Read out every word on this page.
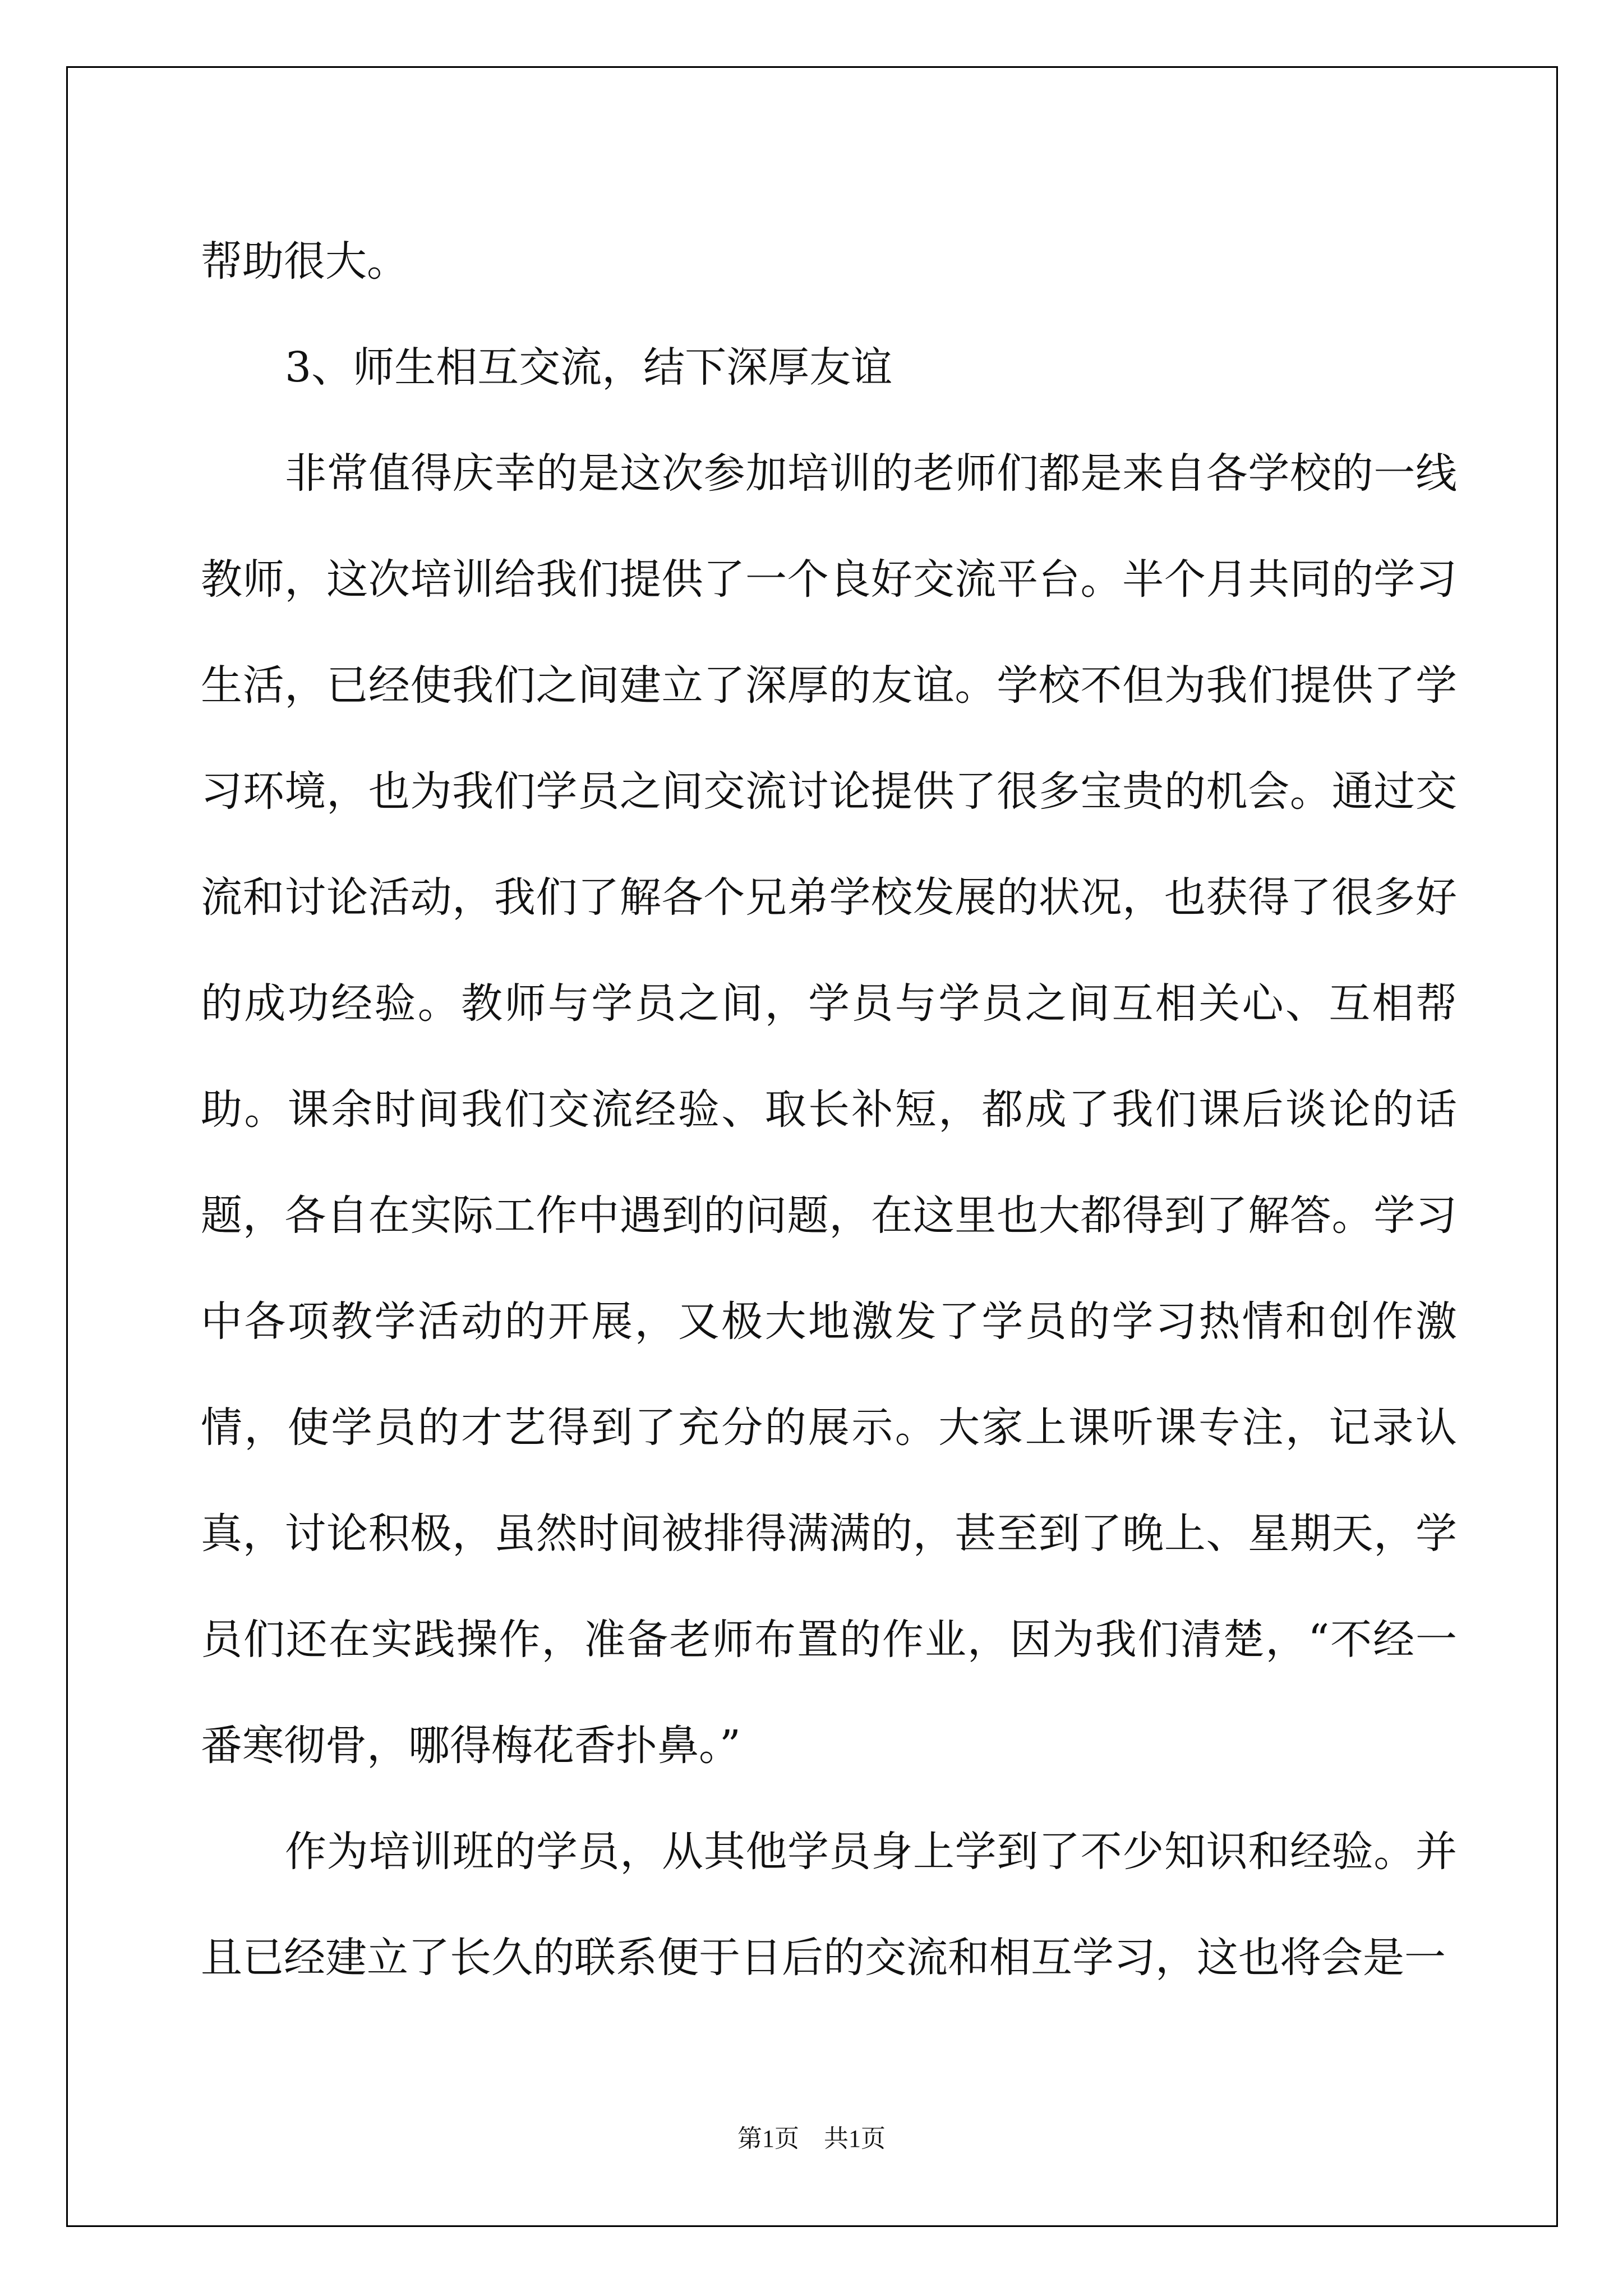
帮助很大。

3、师生相互交流，结下深厚友谊

非常值得庆幸的是这次参加培训的老师们都是来自各学校的一线教师，这次培训给我们提供了一个良好交流平台。半个月共同的学习生活，已经使我们之间建立了深厚的友谊。学校不但为我们提供了学习环境，也为我们学员之间交流讨论提供了很多宝贵的机会。通过交流和讨论活动，我们了解各个兄弟学校发展的状况，也获得了很多好的成功经验。教师与学员之间，学员与学员之间互相关心、互相帮助。课余时间我们交流经验、取长补短，都成了我们课后谈论的话题，各自在实际工作中遇到的问题，在这里也大都得到了解答。学习中各项教学活动的开展，又极大地激发了学员的学习热情和创作激情，使学员的才艺得到了充分的展示。大家上课听课专注，记录认真，讨论积极，虽然时间被排得满满的，甚至到了晚上、星期天，学员们还在实践操作，准备老师布置的作业，因为我们清楚，“不经一番寒彻骨，哪得梅花香扑鼻。”

作为培训班的学员，从其他学员身上学到了不少知识和经验。并且已经建立了长久的联系便于日后的交流和相互学习，这也将会是一

第1页　共1页
